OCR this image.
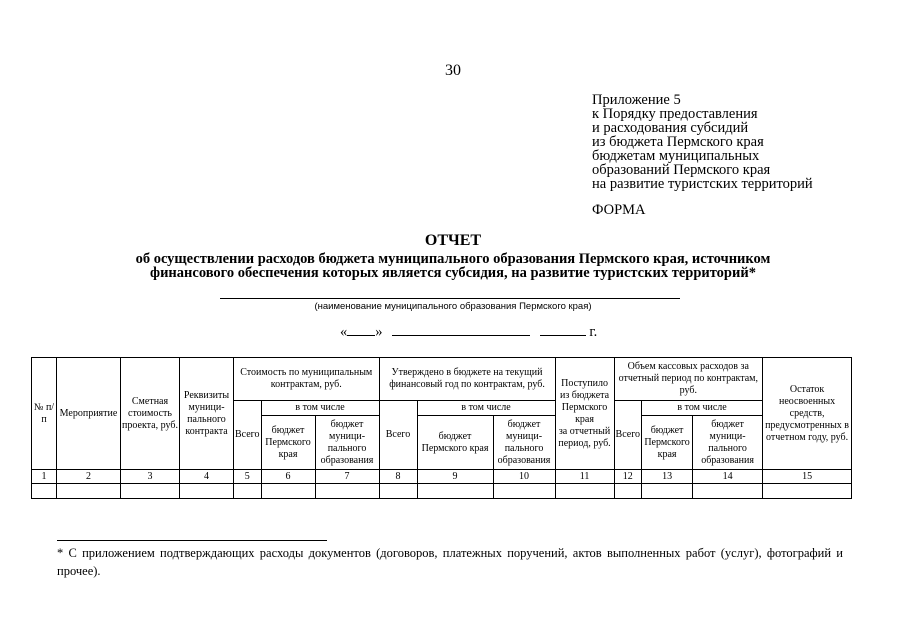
30
Приложение 5
к Порядку предоставления
и расходования субсидий
из бюджета Пермского края
бюджетам муниципальных
образований Пермского края
на развитие туристских территорий
ФОРМА
ОТЧЕТ
об осуществлении расходов бюджета муниципального образования Пермского края, источником
финансового обеспечения которых является субсидия, на развитие туристских территорий*
(наименование муниципального образования Пермского края)
« »	г.
№ п/п	Мероприятие	Сметная стоимость проекта, руб.	Реквизиты муници-пального контракта	Стоимость по муниципальным контрактам, руб.			Утверждено в бюджете на текущий финансовый год по контрактам, руб.			Поступило из бюджета Пермского края
за отчетный период, руб.	Объем кассовых расходов за отчетный период по контрактам, руб.			Остаток неосвоенных средств, предусмотренных в отчетном году, руб.
				Всего	в том числе		Всего	в том числе			Всего	в том числе		
					бюджет Пермского края	бюджет муници-пального образования		бюджет Пермского края	бюджет муници-пального образования			бюджет Пермского края	бюджет муници-пального образования	
1	2	3	4	5	6	7	8	9	10	11	12	13	14	15

* С приложением подтверждающих расходы документов (договоров, платежных поручений, актов выполненных работ (услуг), фотографий и прочее).
